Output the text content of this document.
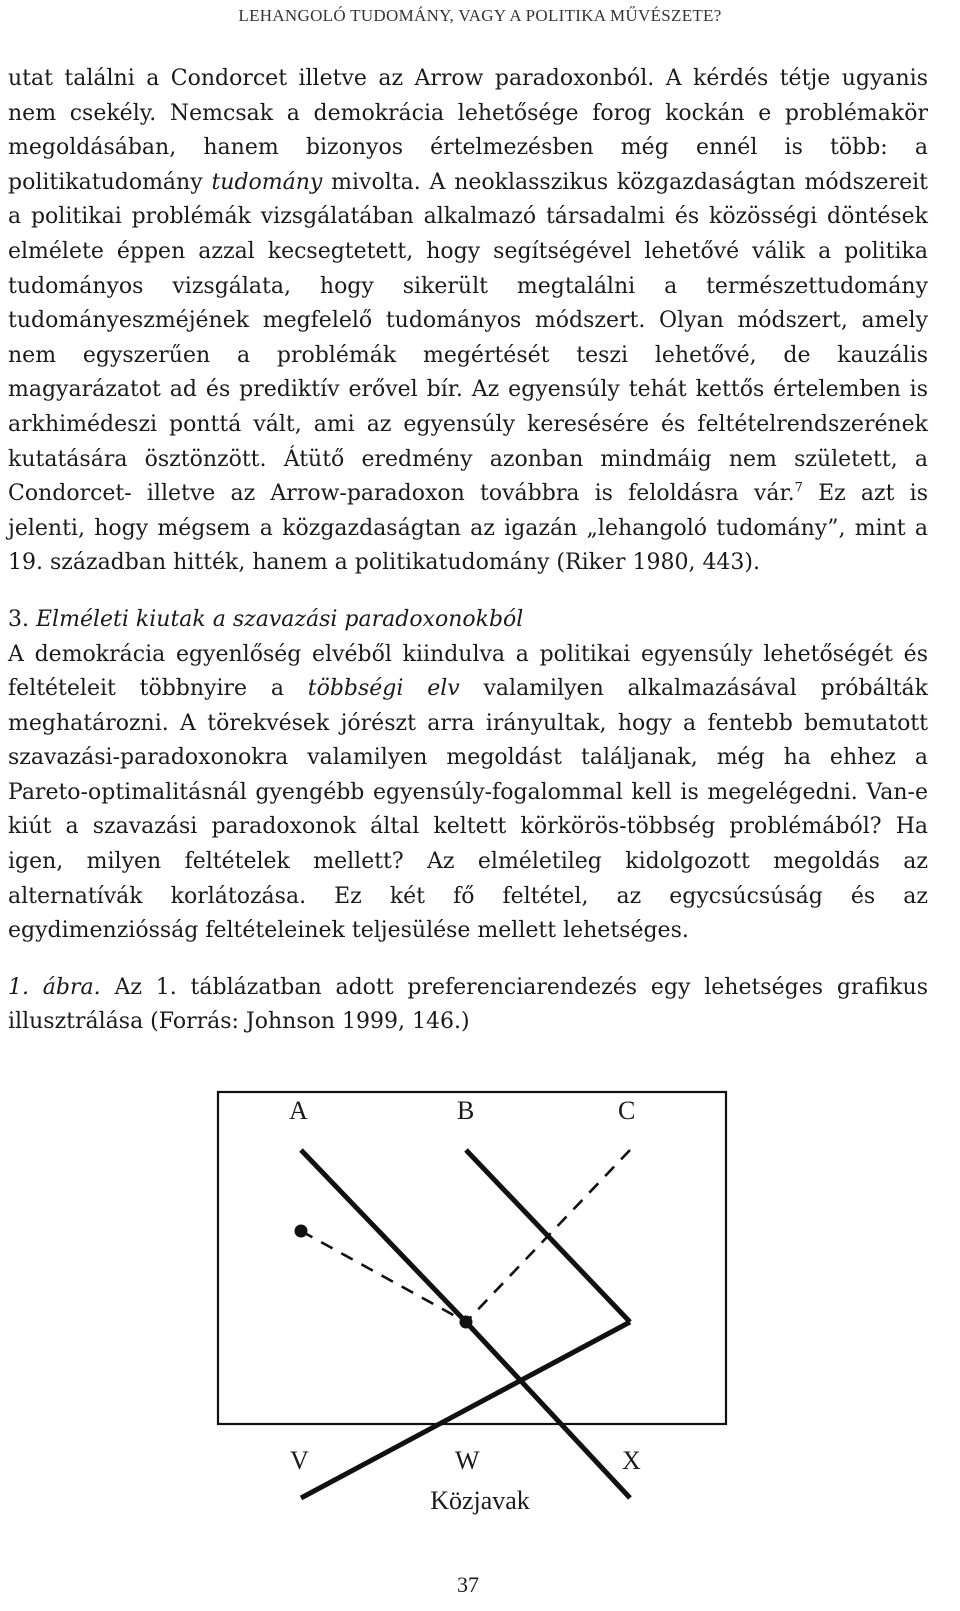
LEHANGOLÓ TUDOMÁNY, VAGY A POLITIKA MŰVÉSZETE?

utat találni a Condorcet illetve az Arrow paradoxonból. A kérdés tétje ugyanis nem csekély. Nemcsak a demokrácia lehetősége forog kockán e problémakör megoldásában, hanem bizonyos értelmezésben még ennél is több: a politikatudomány tudomány mivolta. A neoklasszikus közgazdaságtan módszereit a politikai problémák vizsgálatában alkalmazó társadalmi és közösségi döntések elmélete éppen azzal kecsegtetett, hogy segítségével lehetővé válik a politika tudományos vizsgálata, hogy sikerült megtalálni a természettudomány tudományeszméjének megfelelő tudományos módszert. Olyan módszert, amely nem egyszerűen a problémák megértését teszi lehetővé, de kauzális magyarázatot ad és prediktív erővel bír. Az egyensúly tehát kettős értelemben is arkhimédeszi ponttá vált, ami az egyensúly keresésére és feltételrendszerének kutatására ösztönzött. Átütő eredmény azonban mindmáig nem született, a Condorcet- illetve az Arrow-paradoxon továbbra is feloldásra vár.$^7$ Ez azt is jelenti, hogy mégsem a közgazdaságtan az igazán „lehangoló tudomány”, mint a 19. században hitték, hanem a politikatudomány (Riker 1980, 443).

3. Elméleti kiutak a szavazási paradoxonokból

A demokrácia egyenlőség elvéből kiindulva a politikai egyensúly lehetőségét és feltételeit többnyire a többségi elv valamilyen alkalmazásával próbálták meghatározni. A törekvések jórészt arra irányultak, hogy a fentebb bemutatott szavazási-paradoxonokra valamilyen megoldást találjanak, még ha ehhez a Pareto-optimalitásnál gyengébb egyensúly-fogalommal kell is megelégedni. Van-e kiút a szavazási paradoxonok által keltett körkörös-többség problémából? Ha igen, milyen feltételek mellett? Az elméletileg kidolgozott megoldás az alternatívák korlátozása. Ez két fő feltétel, az egycsúcsúság és az egydimenziósság feltételeinek teljesülése mellett lehetséges.

1. ábra. Az 1. táblázatban adott preferenciarendezés egy lehetséges grafikus illusztrálása (Forrás: Johnson 1999, 146.)

A	B	C
V	W	X
Közjavak
37
